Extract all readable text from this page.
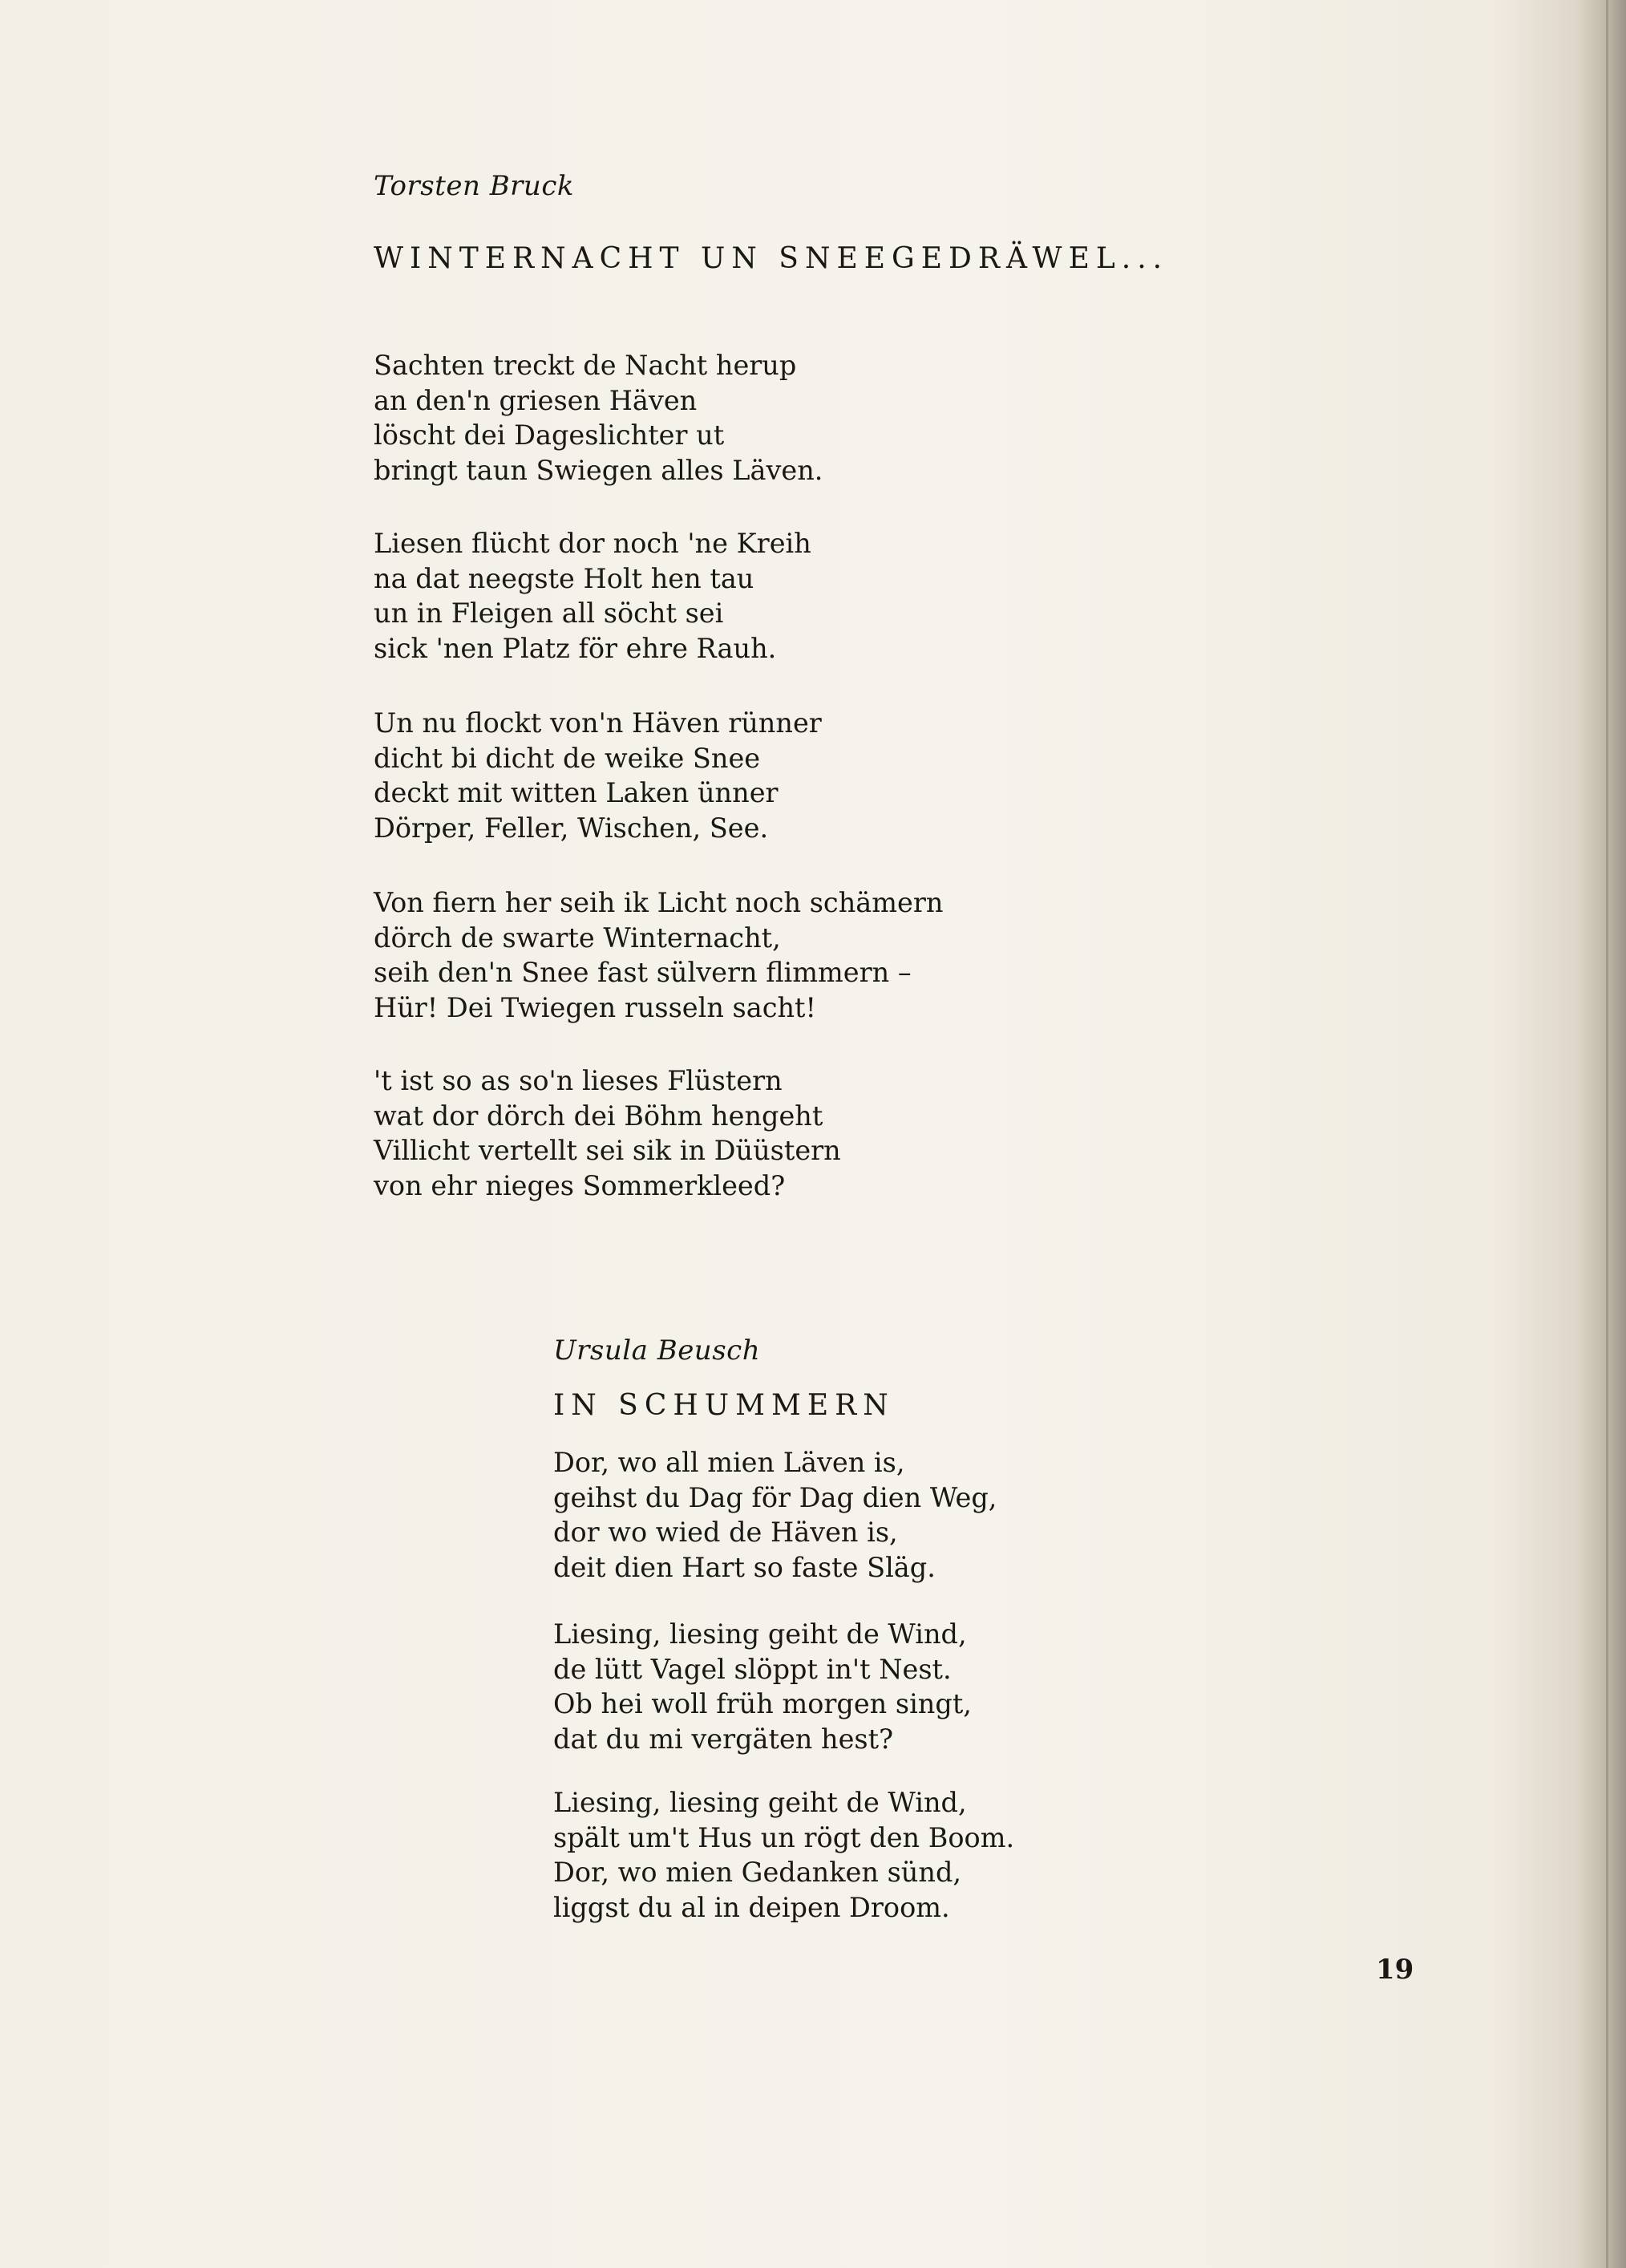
Torsten Bruck
WINTERNACHT UN SNEEGEDRÄWEL...
Sachten treckt de Nacht herup
an den'n griesen Häven
löscht dei Dageslichter ut
bringt taun Swiegen alles Läven.
Liesen flücht dor noch 'ne Kreih
na dat neegste Holt hen tau
un in Fleigen all söcht sei
sick 'nen Platz för ehre Rauh.
Un nu flockt von'n Häven rünner
dicht bi dicht de weike Snee
deckt mit witten Laken ünner
Dörper, Feller, Wischen, See.
Von fiern her seih ik Licht noch schämern
dörch de swarte Winternacht,
seih den'n Snee fast sülvern flimmern –
Hür! Dei Twiegen russeln sacht!
't ist so as so'n lieses Flüstern
wat dor dörch dei Böhm hengeht
Villicht vertellt sei sik in Düüstern
von ehr nieges Sommerkleed?
Ursula Beusch
IN SCHUMMERN
Dor, wo all mien Läven is,
geihst du Dag för Dag dien Weg,
dor wo wied de Häven is,
deit dien Hart so faste Släg.
Liesing, liesing geiht de Wind,
de lütt Vagel slöppt in't Nest.
Ob hei woll früh morgen singt,
dat du mi vergäten hest?
Liesing, liesing geiht de Wind,
spält um't Hus un rögt den Boom.
Dor, wo mien Gedanken sünd,
liggst du al in deipen Droom.
19
